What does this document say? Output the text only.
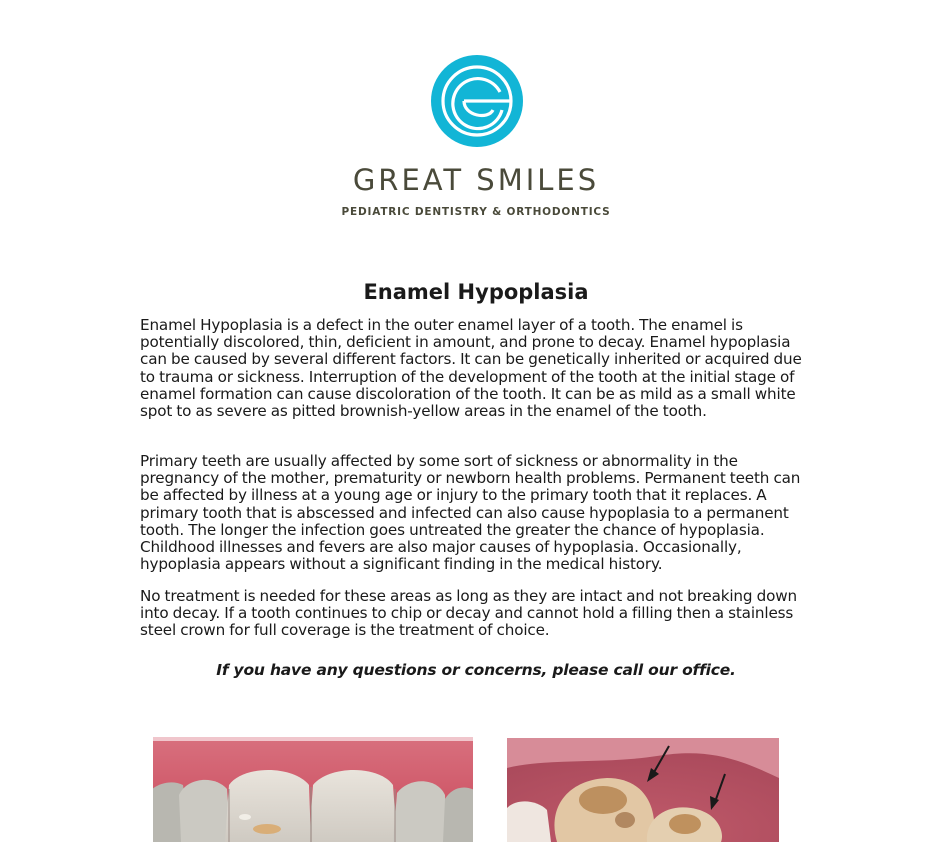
GREAT SMILES
PEDIATRIC DENTISTRY & ORTHODONTICS
Enamel Hypoplasia

Enamel Hypoplasia is a defect in the outer enamel layer of a tooth. The enamel is potentially discolored, thin, deficient in amount, and prone to decay. Enamel hypoplasia can be caused by several different factors. It can be genetically inherited or acquired due to trauma or sickness. Interruption of the development of the tooth at the initial stage of enamel formation can cause discoloration of the tooth. It can be as mild as a small white spot to as severe as pitted brownish-yellow areas in the enamel of the tooth.

Primary teeth are usually affected by some sort of sickness or abnormality in the pregnancy of the mother, prematurity or newborn health problems. Permanent teeth can be affected by illness at a young age or injury to the primary tooth that it replaces. A primary tooth that is abscessed and infected can also cause hypoplasia to a permanent tooth. The longer the infection goes untreated the greater the chance of hypoplasia. Childhood illnesses and fevers are also major causes of hypoplasia. Occasionally, hypoplasia appears without a significant finding in the medical history.

No treatment is needed for these areas as long as they are intact and not breaking down into decay. If a tooth continues to chip or decay and cannot hold a filling then a stainless steel crown for full coverage is the treatment of choice.

If you have any questions or concerns, please call our office.
